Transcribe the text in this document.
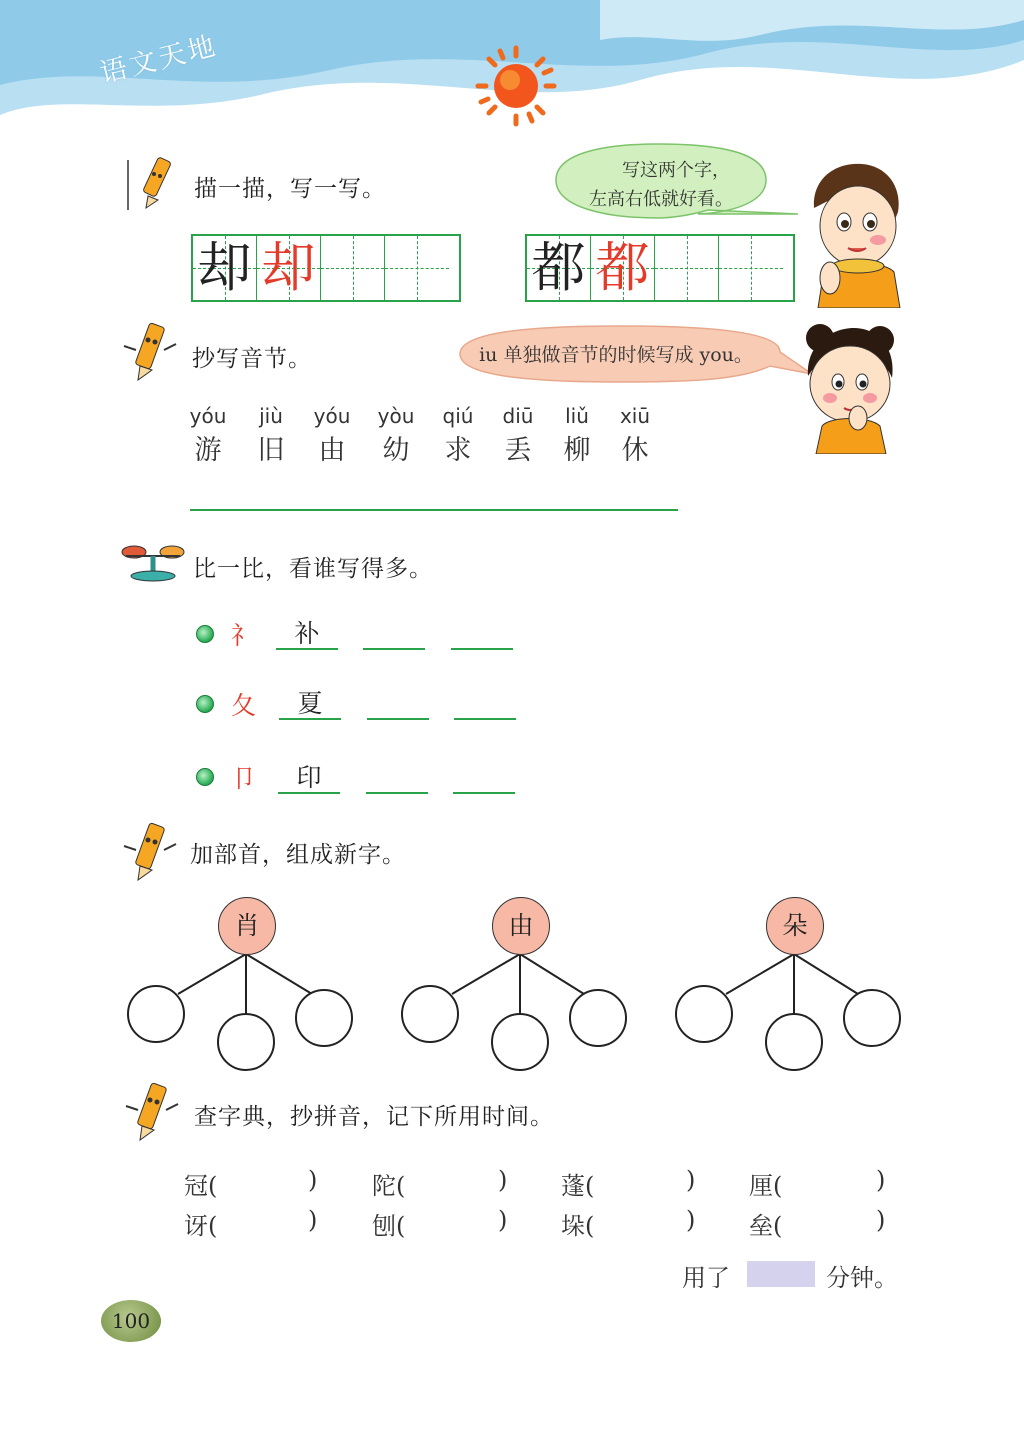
语文天地
描一描，写一写。
却 却	都 都
写这两个字，
左高右低就好看。
抄写音节。	iu 单独做音节的时候写成 you。
yóu	jiù	yóu	yòu	qiú	diū	liǔ	xiū
游	旧	由	幼	求	丢	柳	休
比一比，看谁写得多。
礻	补
夂	夏
卩	印
加部首，组成新字。
肖	由	朵
查字典，抄拼音，记下所用时间。
冠(	) 陀(	) 蓬(	) 厘(	)
讶(	) 刨(	) 垛(	) 垒(	)
用了	分钟。
100
